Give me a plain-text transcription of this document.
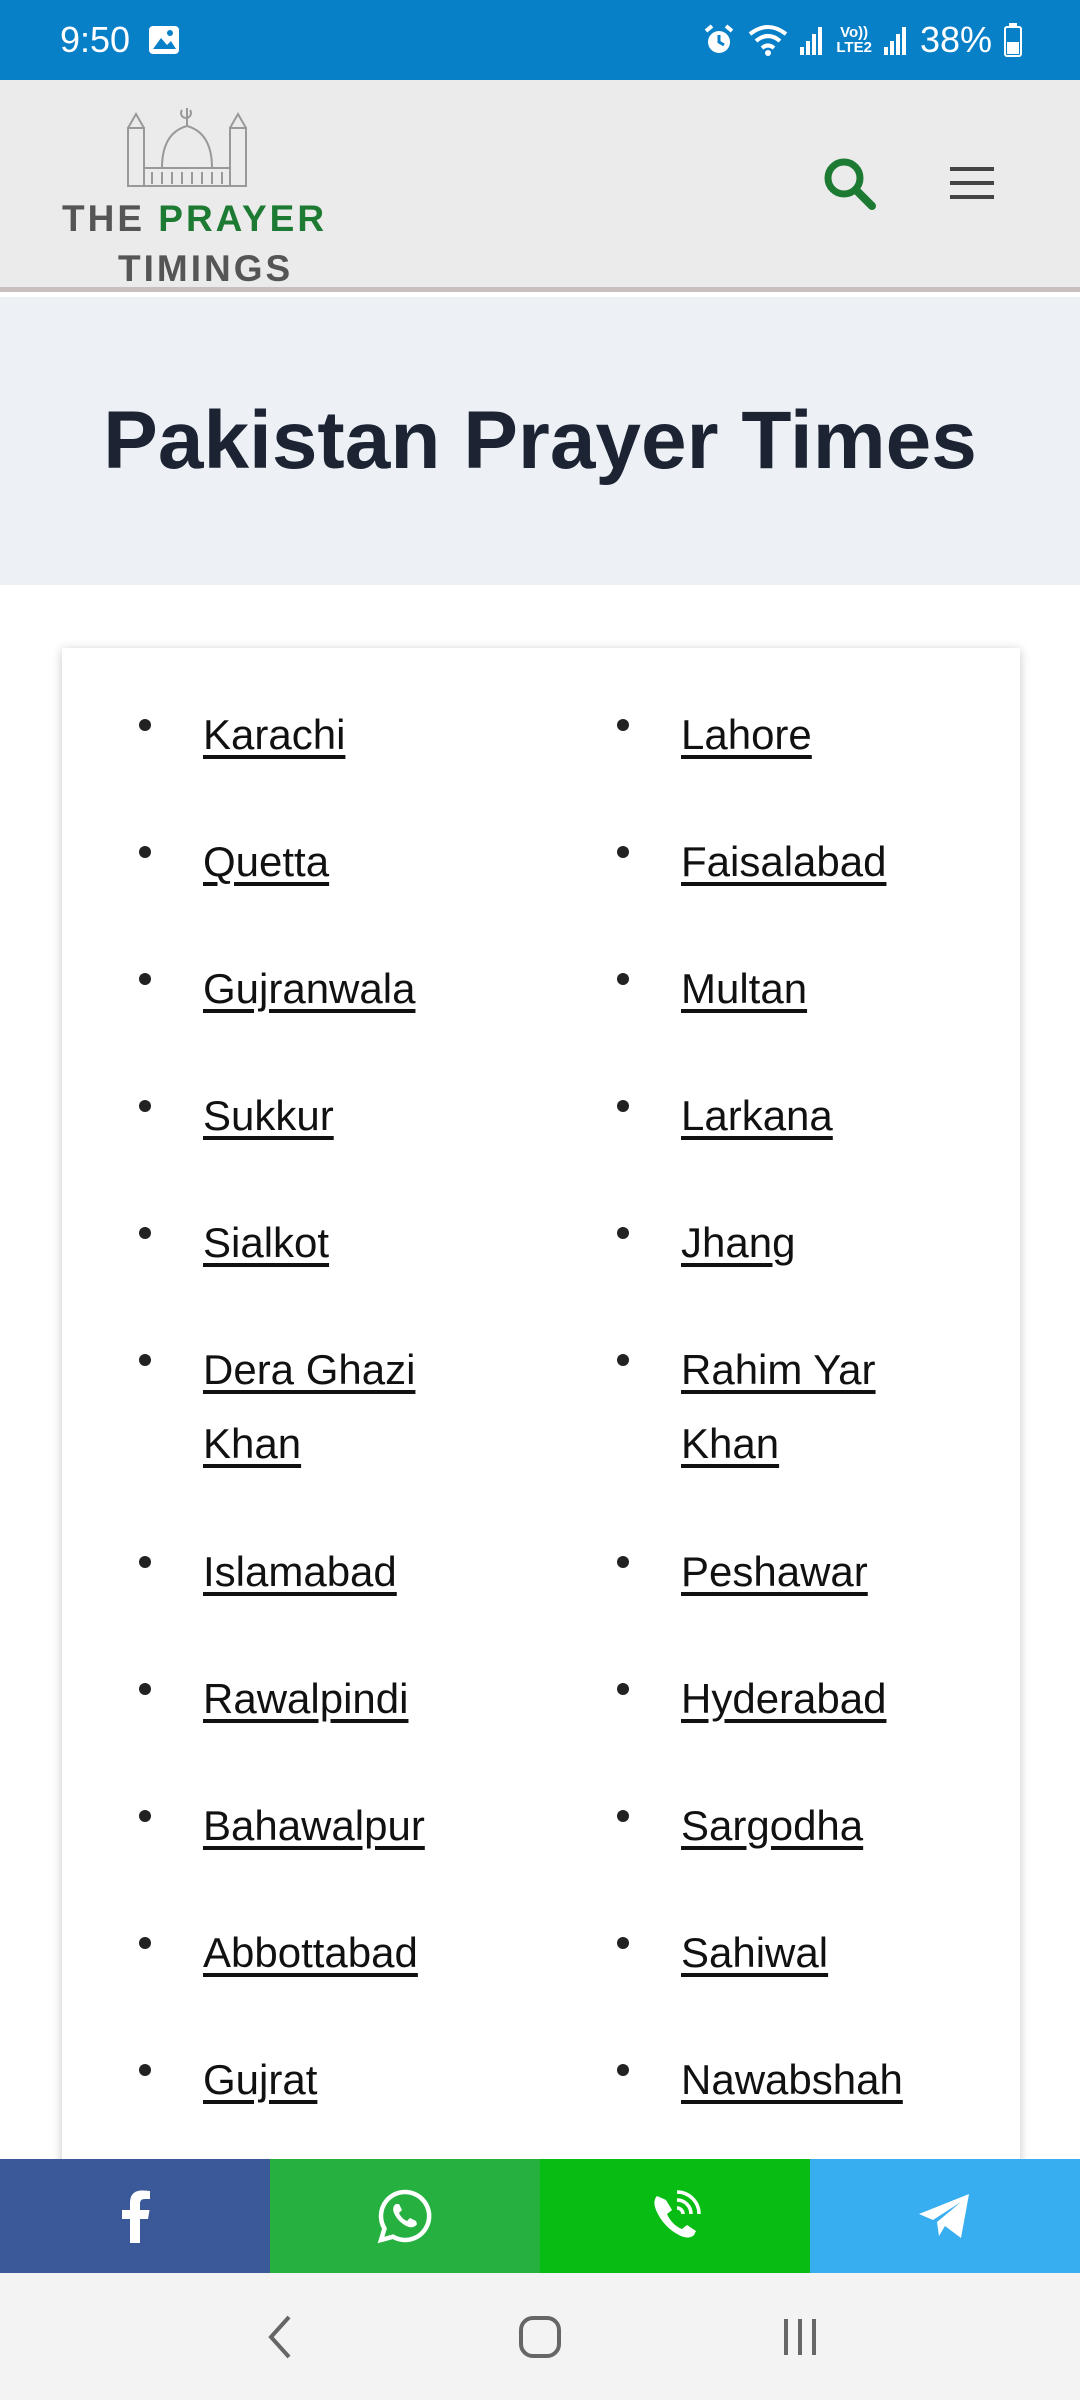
9:50	Vo))
LTE2 38%
THE PRAYER
TIMINGS
Pakistan Prayer Times
Karachi
Quetta
Gujranwala
Sukkur
Sialkot
Dera Ghazi Khan
Islamabad
Rawalpindi
Bahawalpur
Abbottabad
Gujrat
Lahore
Faisalabad
Multan
Larkana
Jhang
Rahim Yar Khan
Peshawar
Hyderabad
Sargodha
Sahiwal
Nawabshah
